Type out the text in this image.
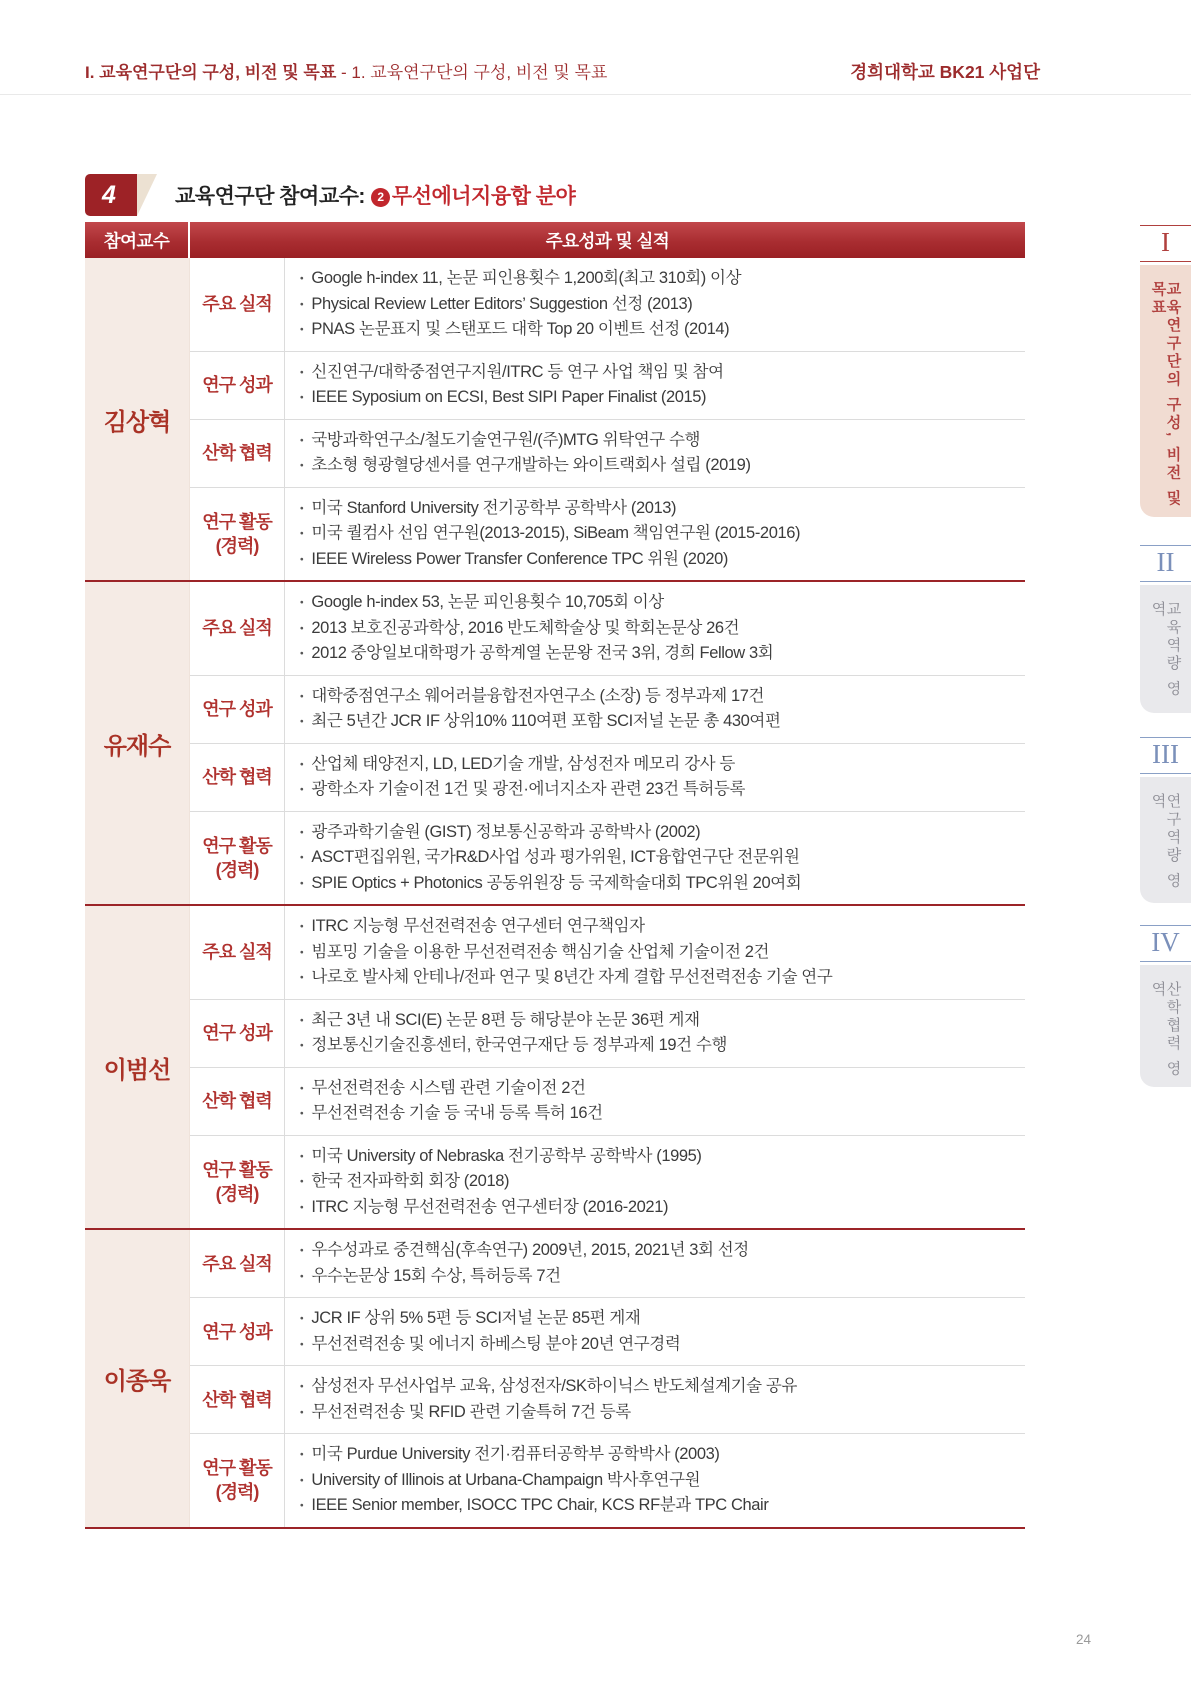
I. 교육연구단의 구성, 비전 및 목표 - 1. 교육연구단의 구성, 비전 및 목표	경희대학교 BK21 사업단
4	교육연구단 참여교수: 2 무선에너지융합 분야
참여교수	주요성과 및 실적
김상혁
주요 실적
• Google h-index 11, 논문 피인용횟수 1,200회(최고 310회) 이상
• Physical Review Letter Editors’ Suggestion 선정 (2013)
• PNAS 논문표지 및 스탠포드 대학 Top 20 이벤트 선정 (2014)
연구 성과
• 신진연구/대학중점연구지원/ITRC 등 연구 사업 책임 및 참여
• IEEE Syposium on ECSI, Best SIPI Paper Finalist (2015)
산학 협력
• 국방과학연구소/철도기술연구원/(주)MTG 위탁연구 수행
• 초소형 형광혈당센서를 연구개발하는 와이트랙회사 설립 (2019)
연구 활동
(경력)
• 미국 Stanford University 전기공학부 공학박사 (2013)
• 미국 퀄컴사 선임 연구원(2013-2015), SiBeam 책임연구원 (2015-2016)
• IEEE Wireless Power Transfer Conference TPC 위원 (2020)
유재수
주요 실적
• Google h-index 53, 논문 피인용횟수 10,705회 이상
• 2013 보호진공과학상, 2016 반도체학술상 및 학회논문상 26건
• 2012 중앙일보대학평가 공학계열 논문왕 전국 3위, 경희 Fellow 3회
연구 성과
• 대학중점연구소 웨어러블융합전자연구소 (소장) 등 정부과제 17건
• 최근 5년간 JCR IF 상위10% 110여편 포함 SCI저널 논문 총 430여편
산학 협력
• 산업체 태양전지, LD, LED기술 개발, 삼성전자 메모리 강사 등
• 광학소자 기술이전 1건 및 광전·에너지소자 관련 23건 특허등록
연구 활동
(경력)
• 광주과학기술원 (GIST) 정보통신공학과 공학박사 (2002)
• ASCT편집위원, 국가R&D사업 성과 평가위원, ICT융합연구단 전문위원
• SPIE Optics + Photonics 공동위원장 등 국제학술대회 TPC위원 20여회
이범선
주요 실적
• ITRC 지능형 무선전력전송 연구센터 연구책임자
• 빔포밍 기술을 이용한 무선전력전송 핵심기술 산업체 기술이전 2건
• 나로호 발사체 안테나/전파 연구 및 8년간 자계 결합 무선전력전송 기술 연구
연구 성과
• 최근 3년 내 SCI(E) 논문 8편 등 해당분야 논문 36편 게재
• 정보통신기술진흥센터, 한국연구재단 등 정부과제 19건 수행
산학 협력
• 무선전력전송 시스템 관련 기술이전 2건
• 무선전력전송 기술 등 국내 등록 특허 16건
연구 활동
(경력)
• 미국 University of Nebraska 전기공학부 공학박사 (1995)
• 한국 전자파학회 회장 (2018)
• ITRC 지능형 무선전력전송 연구센터장 (2016-2021)
이종욱
주요 실적
• 우수성과로 중견핵심(후속연구) 2009년, 2015, 2021년 3회 선정
• 우수논문상 15회 수상, 특허등록 7건
연구 성과
• JCR IF 상위 5% 5편 등 SCI저널 논문 85편 게재
• 무선전력전송 및 에너지 하베스팅 분야 20년 연구경력
산학 협력
• 삼성전자 무선사업부 교육, 삼성전자/SK하이닉스 반도체설계기술 공유
• 무선전력전송 및 RFID 관련 기술특허 7건 등록
연구 활동
(경력)
• 미국 Purdue University 전기·컴퓨터공학부 공학박사 (2003)
• University of Illinois at Urbana-Champaign 박사후연구원
• IEEE Senior member, ISOCC TPC Chair, KCS RF분과 TPC Chair
I
교육연구단의 구성, 비전 및 목표
II
교육역량 영역
III
연구역량 영역
IV
산학협력 영역
24
